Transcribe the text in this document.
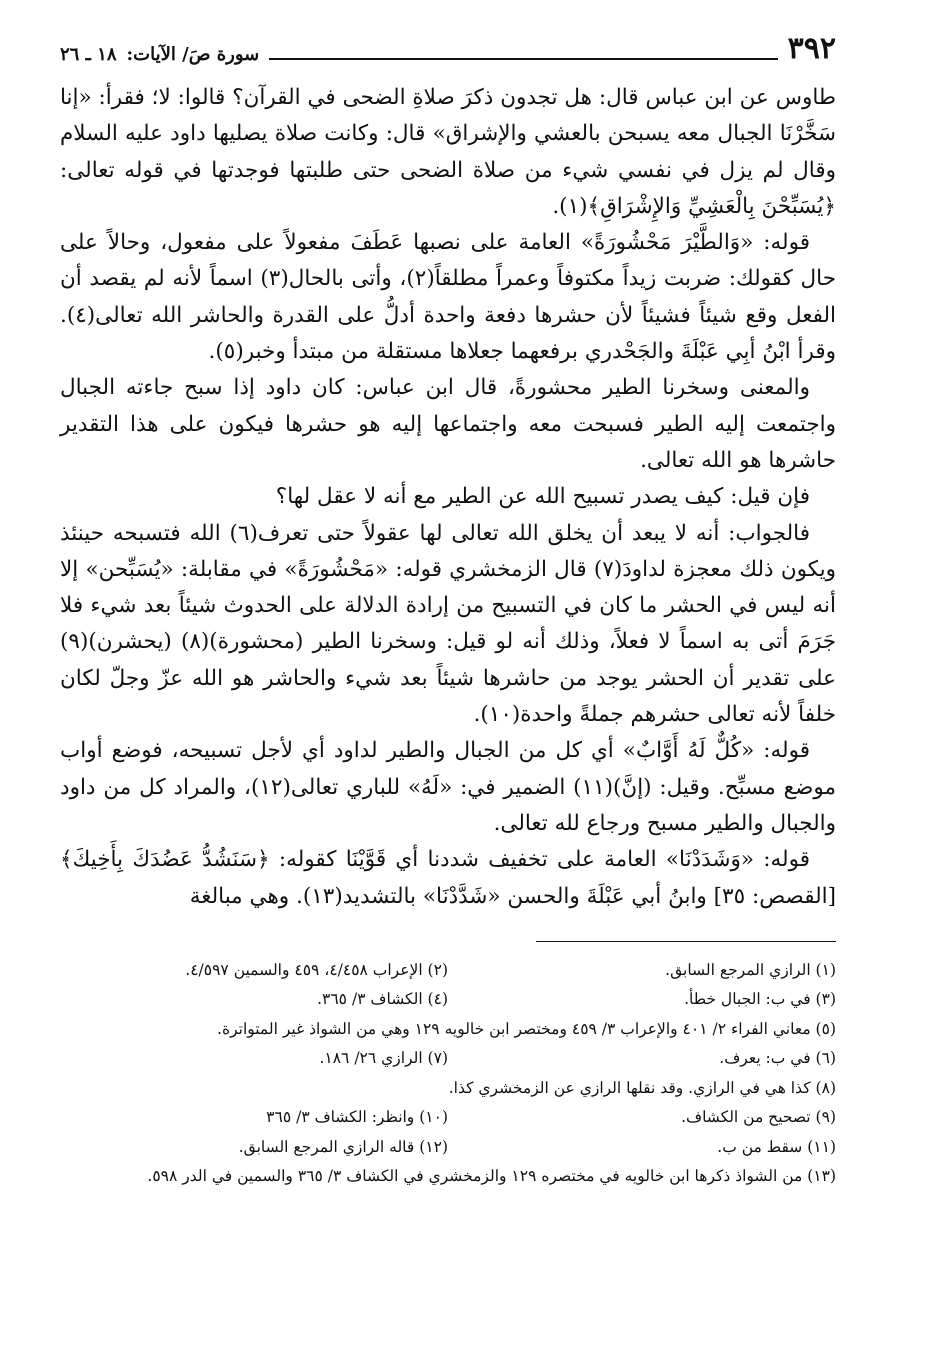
٣٩٢
سورة صَ/ الآيات:
١٨ ـ ٢٦

طاوس عن ابن عباس قال: هل تجدون ذكرَ صلاةِ الضحى في القرآن؟ قالوا: لا؛ فقرأ: «إنا سَخَّرْنَا الجبال معه يسبحن بالعشي والإشراق» قال: وكانت صلاة يصليها داود عليه السلام وقال لم يزل في نفسي شيء من صلاة الضحى حتى طلبتها فوجدتها في قوله تعالى: ﴿يُسَبِّحْنَ بِالْعَشِيِّ وَالإِشْرَاقِ﴾(١).

قوله: «وَالطَّيْرَ مَحْشُورَةً» العامة على نصبها عَطَفَ مفعولاً على مفعول، وحالاً على حال كقولك: ضربت زيداً مكتوفاً وعمراً مطلقاً(٢)، وأتى بالحال(٣) اسماً لأنه لم يقصد أن الفعل وقع شيئاً فشيئاً لأن حشرها دفعة واحدة أدلُّ على القدرة والحاشر الله تعالى(٤). وقرأ ابْنُ أبِي عَبْلَةَ والجَحْدري برفعهما جعلاها مستقلة من مبتدأ وخبر(٥).

والمعنى وسخرنا الطير محشورةً، قال ابن عباس: كان داود إذا سبح جاءته الجبال واجتمعت إليه الطير فسبحت معه واجتماعها إليه هو حشرها فيكون على هذا التقدير حاشرها هو الله تعالى.

فإن قيل: كيف يصدر تسبيح الله عن الطير مع أنه لا عقل لها؟

فالجواب: أنه لا يبعد أن يخلق الله تعالى لها عقولاً حتى تعرف(٦) الله فتسبحه حينئذ ويكون ذلك معجزة لداودَ(٧) قال الزمخشري قوله: «مَحْشُورَةً» في مقابلة: «يُسَبِّحن» إلا أنه ليس في الحشر ما كان في التسبيح من إرادة الدلالة على الحدوث شيئاً بعد شيء فلا جَرَمَ أتى به اسماً لا فعلاً، وذلك أنه لو قيل: وسخرنا الطير (محشورة)(٨) (يحشرن)(٩) على تقدير أن الحشر يوجد من حاشرها شيئاً بعد شيء والحاشر هو الله عزّ وجلّ لكان خلفاً لأنه تعالى حشرهم جملةً واحدة(١٠).

قوله: «كُلٌّ لَهُ أَوَّابٌ» أي كل من الجبال والطير لداود أي لأجل تسبيحه، فوضع أواب موضع مسبِّح. وقيل: (إنَّ)(١١) الضمير في: «لَهُ» للباري تعالى(١٢)، والمراد كل من داود والجبال والطير مسبح ورجاع لله تعالى.

قوله: «وَشَدَدْنَا» العامة على تخفيف شددنا أي قَوَّيْنَا كقوله: ﴿سَنَشُدُّ عَضُدَكَ بِأَخِيكَ﴾ [القصص: ٣٥] وابنُ أبي عَبْلَةَ والحسن «شَدَّدْنَا» بالتشديد(١٣). وهي مبالغة

(١) الرازي المرجع السابق.
(٢) الإعراب ٤/٤٥٨، ٤٥٩ والسمين ٤/٥٩٧.
(٣) في ب: الجبال خطأ.
(٤) الكشاف ٣/ ٣٦٥.
(٥) معاني الفراء ٢/ ٤٠١ والإعراب ٣/ ٤٥٩ ومختصر ابن خالويه ١٢٩ وهي من الشواذ غير المتواترة.
(٦) في ب: يعرف.
(٧) الرازي ٢٦/ ١٨٦.
(٨) كذا هي في الرازي. وقد نقلها الرازي عن الزمخشري كذا.
(٩) تصحيح من الكشاف.
(١٠) وانظر: الكشاف ٣/ ٣٦٥
(١١) سقط من ب.
(١٢) قاله الرازي المرجع السابق.
(١٣) من الشواذ ذكرها ابن خالويه في مختصره ١٢٩ والزمخشري في الكشاف ٣/ ٣٦٥ والسمين في الدر ٥٩٨.
